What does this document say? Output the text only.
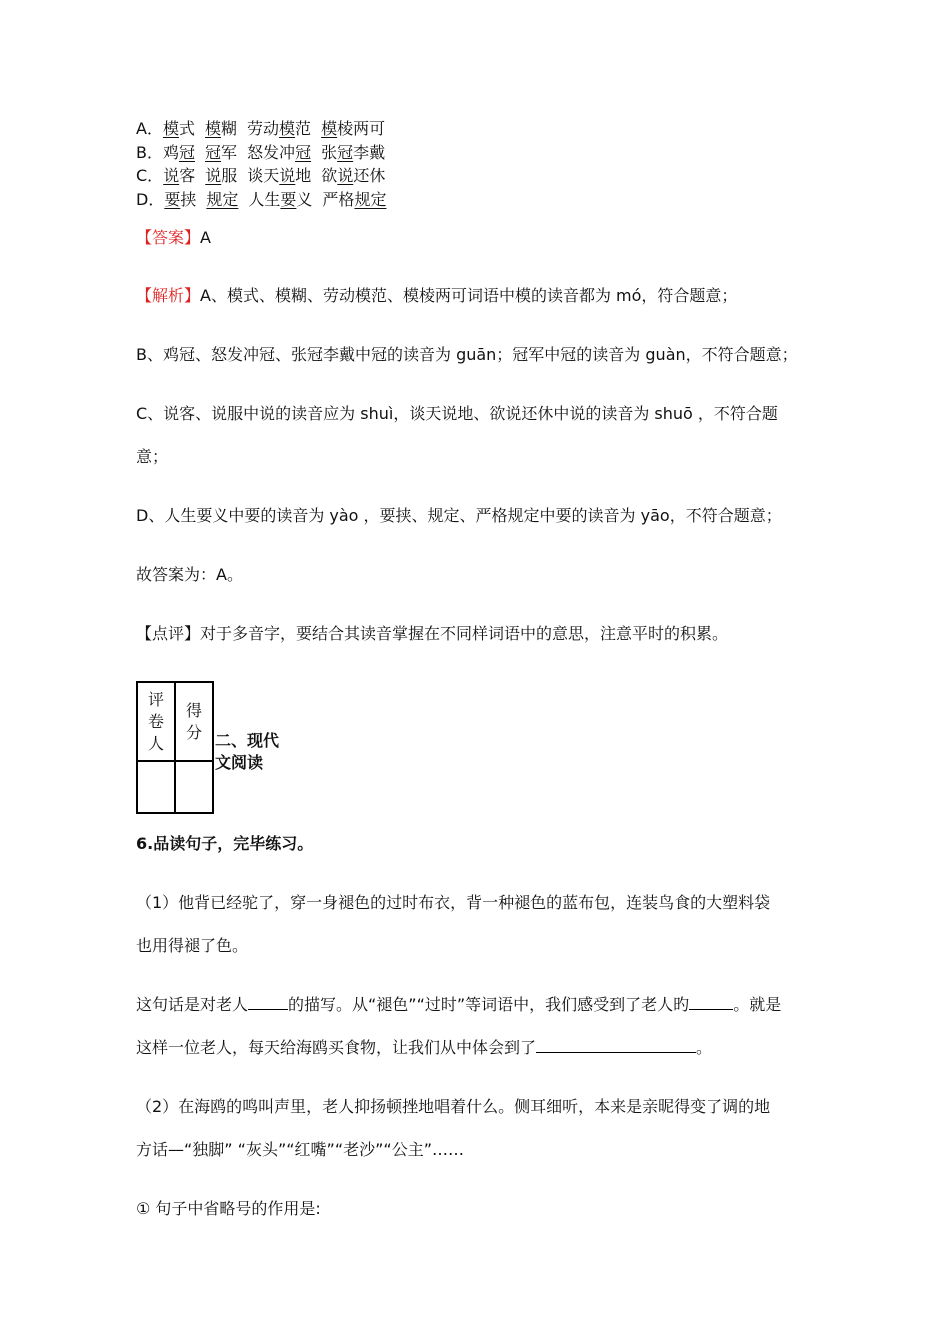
A．模式 模糊 劳动模范 模棱两可
B．鸡冠 冠军 怒发冲冠 张冠李戴
C．说客 说服 谈天说地 欲说还休
D．要挟 规定 人生要义 严格规定
【答案】A
【解析】A、模式、模糊、劳动模范、模棱两可词语中模的读音都为 mó，符合题意；
B、鸡冠、怒发冲冠、张冠李戴中冠的读音为 guān；冠军中冠的读音为 guàn，不符合题意；
C、说客、说服中说的读音应为 shuì，谈天说地、欲说还休中说的读音为 shuō ，不符合题
意；
D、人生要义中要的读音为 yào ，要挟、规定、严格规定中要的读音为 yāo，不符合题意；
故答案为：A。
【点评】对于多音字，要结合其读音掌握在不同样词语中的意思，注意平时的积累。
评卷人	得分

	二、现代
文阅读
6.品读句子，完毕练习。
（1）他背已经驼了，穿一身褪色的过时布衣，背一种褪色的蓝布包，连装鸟食的大塑料袋
也用得褪了色。
这句话是对老人	的描写。从“褪色”“过时”等词语中，我们感受到了老人旳	。就是
这样一位老人，每天给海鸥买食物，让我们从中体会到了	。
（2）在海鸥的鸣叫声里，老人抑扬顿挫地唱着什么。侧耳细听，本来是亲昵得变了调的地
方话—“独脚” “灰头”“红嘴”“老沙”“公主”……
① 句子中省略号的作用是:
